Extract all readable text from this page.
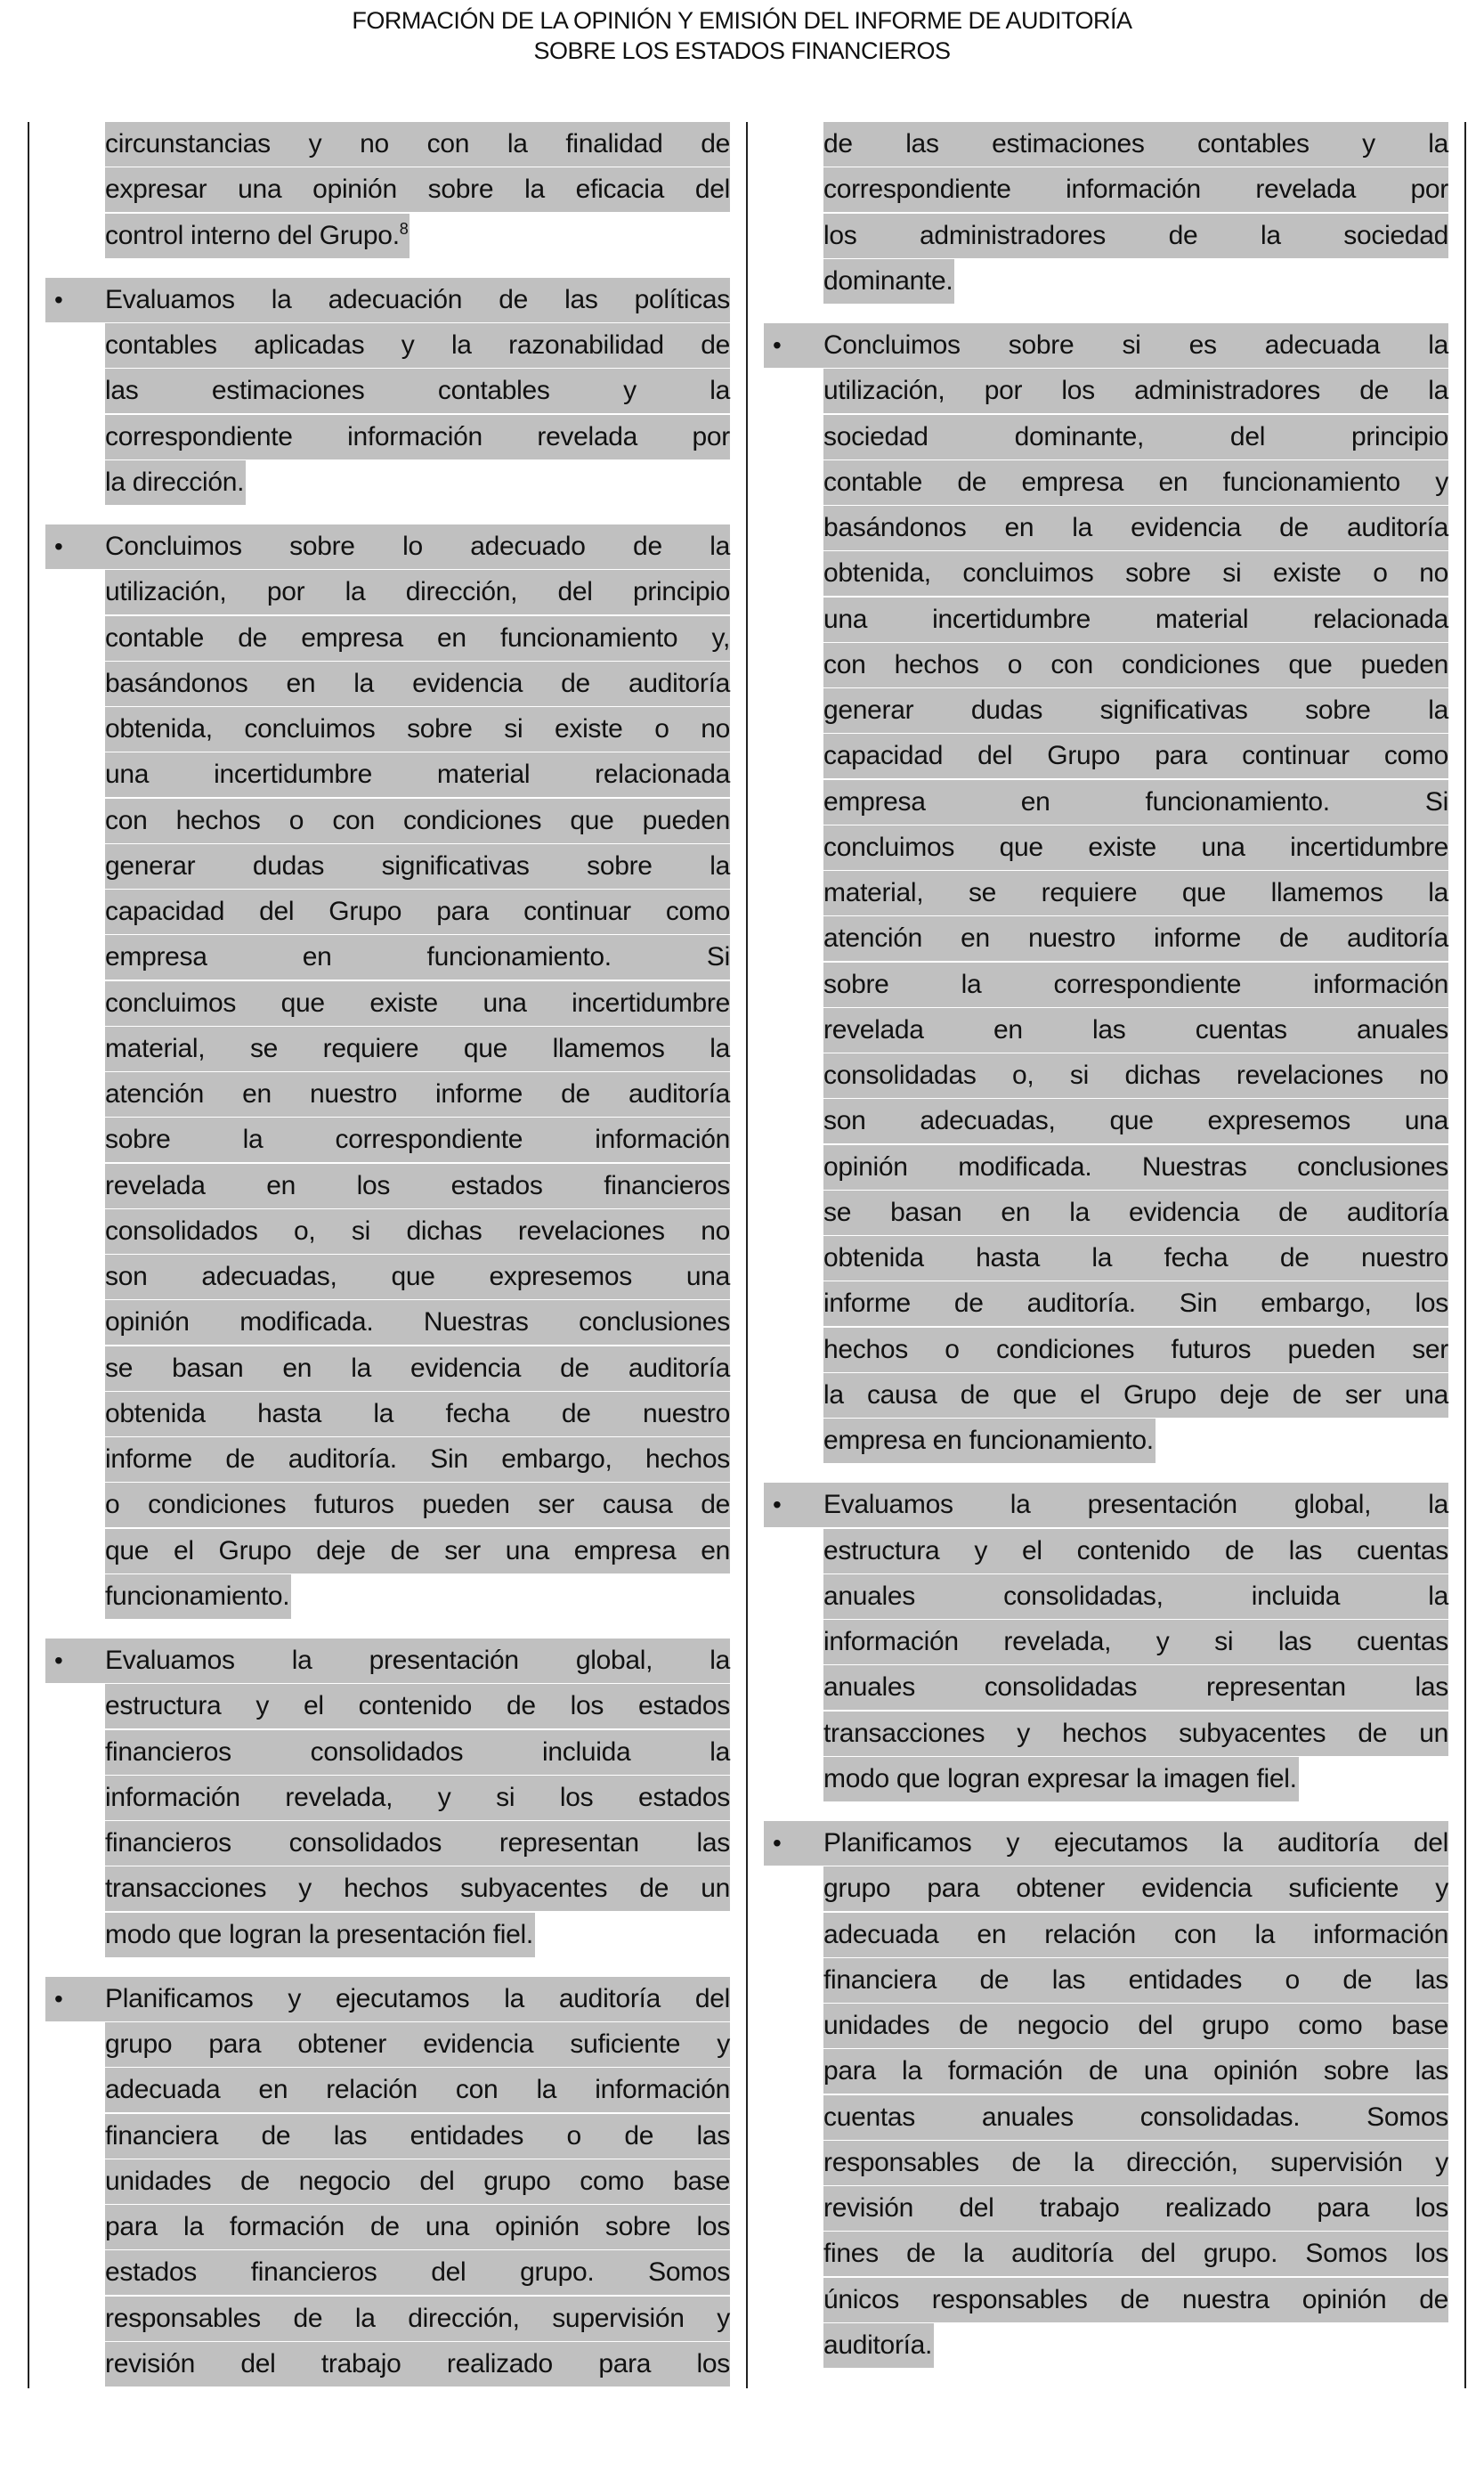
FORMACIÓN DE LA OPINIÓN Y EMISIÓN DEL INFORME DE AUDITORÍA
SOBRE LOS ESTADOS FINANCIEROS
circunstancias y no con la finalidad de
expresar una opinión sobre la eficacia del
control interno del Grupo.$^8$
Evaluamos la adecuación de las políticas
•
contables aplicadas y la razonabilidad de
las estimaciones contables y la
correspondiente información revelada por
la dirección.
Concluimos sobre lo adecuado de la
•
utilización, por la dirección, del principio
contable de empresa en funcionamiento y,
basándonos en la evidencia de auditoría
obtenida, concluimos sobre si existe o no
una incertidumbre material relacionada
con hechos o con condiciones que pueden
generar dudas significativas sobre la
capacidad del Grupo para continuar como
empresa en funcionamiento. Si
concluimos que existe una incertidumbre
material, se requiere que llamemos la
atención en nuestro informe de auditoría
sobre la correspondiente información
revelada en los estados financieros
consolidados o, si dichas revelaciones no
son adecuadas, que expresemos una
opinión modificada. Nuestras conclusiones
se basan en la evidencia de auditoría
obtenida hasta la fecha de nuestro
informe de auditoría. Sin embargo, hechos
o condiciones futuros pueden ser causa de
que el Grupo deje de ser una empresa en
funcionamiento.
Evaluamos la presentación global, la
•
estructura y el contenido de los estados
financieros consolidados incluida la
información revelada, y si los estados
financieros consolidados representan las
transacciones y hechos subyacentes de un
modo que logran la presentación fiel.
Planificamos y ejecutamos la auditoría del
•
grupo para obtener evidencia suficiente y
adecuada en relación con la información
financiera de las entidades o de las
unidades de negocio del grupo como base
para la formación de una opinión sobre los
estados financieros del grupo. Somos
responsables de la dirección, supervisión y
revisión del trabajo realizado para los
de las estimaciones contables y la
correspondiente información revelada por
los administradores de la sociedad
dominante.
Concluimos sobre si es adecuada la
•
utilización, por los administradores de la
sociedad dominante, del principio
contable de empresa en funcionamiento y
basándonos en la evidencia de auditoría
obtenida, concluimos sobre si existe o no
una incertidumbre material relacionada
con hechos o con condiciones que pueden
generar dudas significativas sobre la
capacidad del Grupo para continuar como
empresa en funcionamiento. Si
concluimos que existe una incertidumbre
material, se requiere que llamemos la
atención en nuestro informe de auditoría
sobre la correspondiente información
revelada en las cuentas anuales
consolidadas o, si dichas revelaciones no
son adecuadas, que expresemos una
opinión modificada. Nuestras conclusiones
se basan en la evidencia de auditoría
obtenida hasta la fecha de nuestro
informe de auditoría. Sin embargo, los
hechos o condiciones futuros pueden ser
la causa de que el Grupo deje de ser una
empresa en funcionamiento.
Evaluamos la presentación global, la
•
estructura y el contenido de las cuentas
anuales consolidadas, incluida la
información revelada, y si las cuentas
anuales consolidadas representan las
transacciones y hechos subyacentes de un
modo que logran expresar la imagen fiel.
Planificamos y ejecutamos la auditoría del
•
grupo para obtener evidencia suficiente y
adecuada en relación con la información
financiera de las entidades o de las
unidades de negocio del grupo como base
para la formación de una opinión sobre las
cuentas anuales consolidadas. Somos
responsables de la dirección, supervisión y
revisión del trabajo realizado para los
fines de la auditoría del grupo. Somos los
únicos responsables de nuestra opinión de
auditoría.
